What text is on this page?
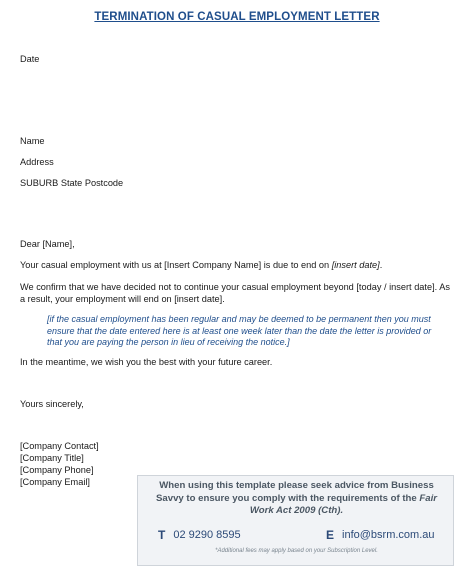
TERMINATION OF CASUAL EMPLOYMENT LETTER
Date
Name
Address
SUBURB State Postcode
Dear [Name],
Your casual employment with us at [Insert Company Name] is due to end on [insert date].
We confirm that we have decided not to continue your casual employment beyond [today / insert date]. As a result, your employment will end on [insert date].
[if the casual employment has been regular and may be deemed to be permanent then you must ensure that the date entered here is at least one week later than the date the letter is provided or that you are paying the person in lieu of receiving the notice.]
In the meantime, we wish you the best with your future career.
Yours sincerely,
[Company Contact]
[Company Title]
[Company Phone]
[Company Email]	When using this template please seek advice from Business
Savvy to ensure you comply with the requirements of the Fair
Work Act 2009 (Cth).
T 02 9290 8595	E info@bsrm.com.au
*Additional fees may apply based on your Subscription Level.
